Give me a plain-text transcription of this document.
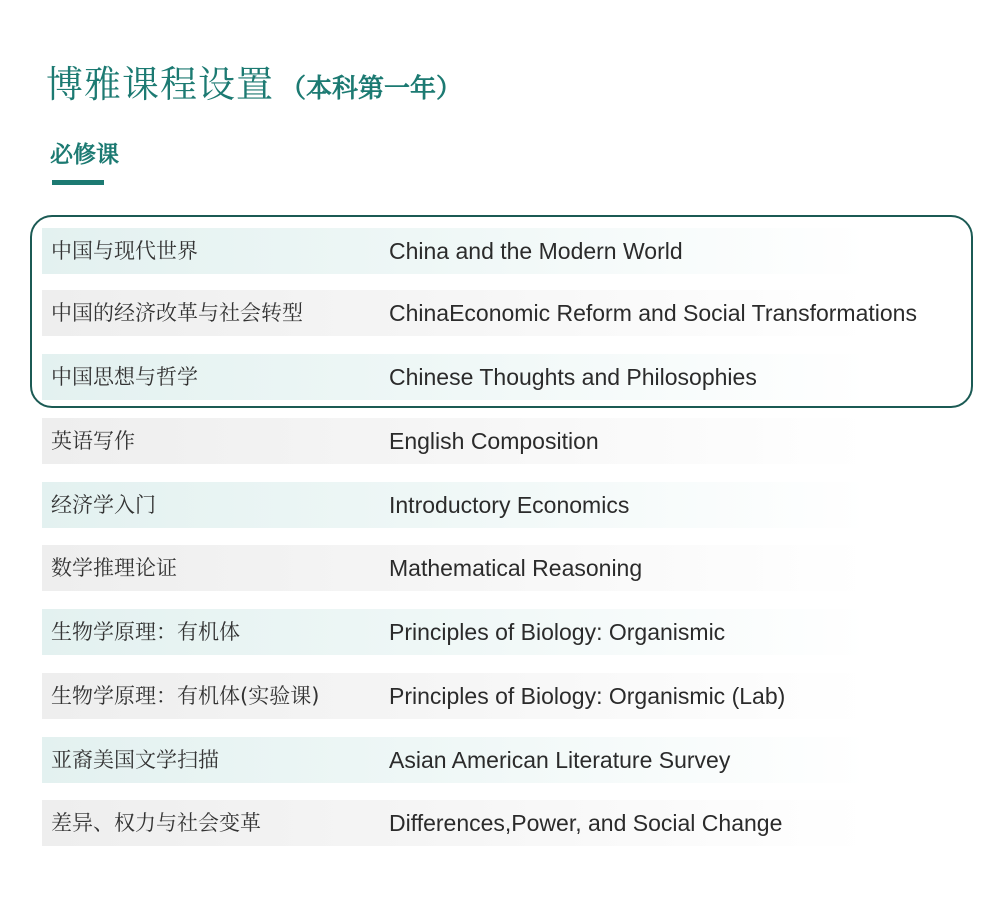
博雅课程设置 （本科第一年）
必修课
中国与现代世界	China and the Modern World
中国的经济改革与社会转型	ChinaEconomic Reform and Social Transformations
中国思想与哲学	Chinese Thoughts and Philosophies
英语写作	English Composition
经济学入门	Introductory Economics
数学推理论证	Mathematical Reasoning
生物学原理：有机体	Principles of Biology: Organismic
生物学原理：有机体(实验课)	Principles of Biology: Organismic (Lab)
亚裔美国文学扫描	Asian American Literature Survey
差异、权力与社会变革	Differences,Power, and Social Change
